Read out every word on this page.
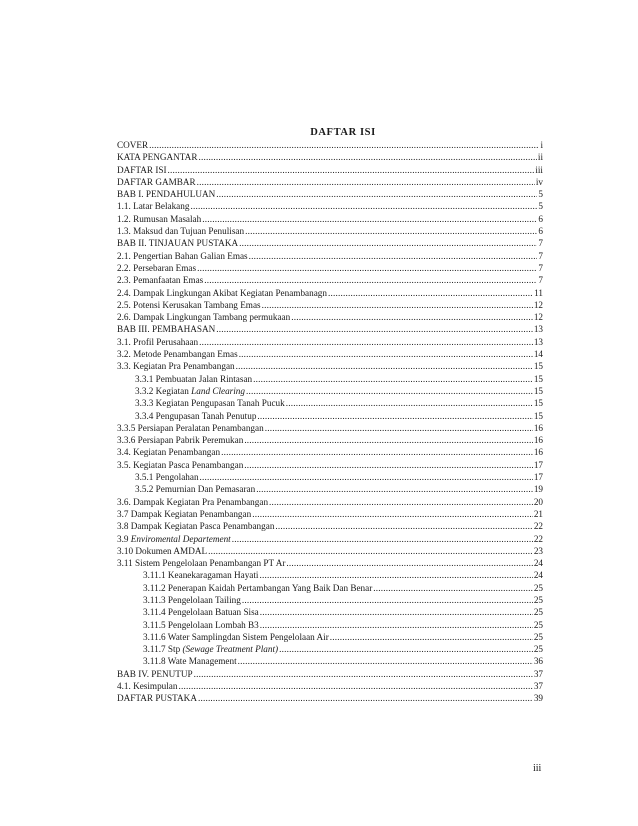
DAFTAR ISI
COVER .....	i
KATA PENGANTAR .....	ii
DAFTAR ISI .....	iii
DAFTAR GAMBAR .....	iv
BAB I. PENDAHULUAN .....	5
1.1. Latar Belakang .....	5
1.2. Rumusan Masalah .....	6
1.3. Maksud dan Tujuan Penulisan .....	6
BAB II. TINJAUAN PUSTAKA .....	7
2.1. Pengertian Bahan Galian Emas .....	7
2.2. Persebaran Emas .....	7
2.3. Pemanfaatan Emas .....	7
2.4. Dampak Lingkungan Akibat Kegiatan Penambanagn .....	11
2.5. Potensi Kerusakan Tambang Emas .....	12
2.6. Dampak Lingkungan Tambang permukaan .....	12
BAB III. PEMBAHASAN .....	13
3.1. Profil Perusahaan .....	13
3.2. Metode Penambangan Emas .....	14
3.3. Kegiatan Pra Penambangan .....	15
3.3.1 Pembuatan Jalan Rintasan .....	15
3.3.2 Kegiatan Land Clearing .....	15
3.3.3 Kegiatan Pengupasan Tanah Pucuk .....	15
3.3.4 Pengupasan Tanah Penutup .....	15
3.3.5 Persiapan Peralatan Penambangan .....	16
3.3.6 Persiapan Pabrik Peremukan .....	16
3.4. Kegiatan Penambangan .....	16
3.5. Kegiatan Pasca Penambangan .....	17
3.5.1 Pengolahan .....	17
3.5.2 Pemurnian Dan Pemasaran .....	19
3.6. Dampak Kegiatan Pra Penambangan .....	20
3.7 Dampak Kegiatan Penambangan .....	21
3.8 Dampak Kegiatan Pasca Penambangan .....	22
3.9 Enviromental Departement .....	22
3.10 Dokumen AMDAL .....	23
3.11 Sistem Pengelolaan Penambangan PT Ar .....	24
3.11.1 Keanekaragaman Hayati .....	24
3.11.2 Penerapan Kaidah Pertambangan Yang Baik Dan Benar .....	25
3.11.3 Pengelolaan Tailing .....	25
3.11.4 Pengelolaan Batuan Sisa .....	25
3.11.5 Pengelolaan Lombah B3 .....	25
3.11.6 Water Samplingdan Sistem Pengelolaan Air .....	25
3.11.7 Stp (Sewage Treatment Plant) .....	25
3.11.8 Wate Management .....	36
BAB IV. PENUTUP .....	37
4.1. Kesimpulan .....	37
DAFTAR PUSTAKA .....	39
iii
